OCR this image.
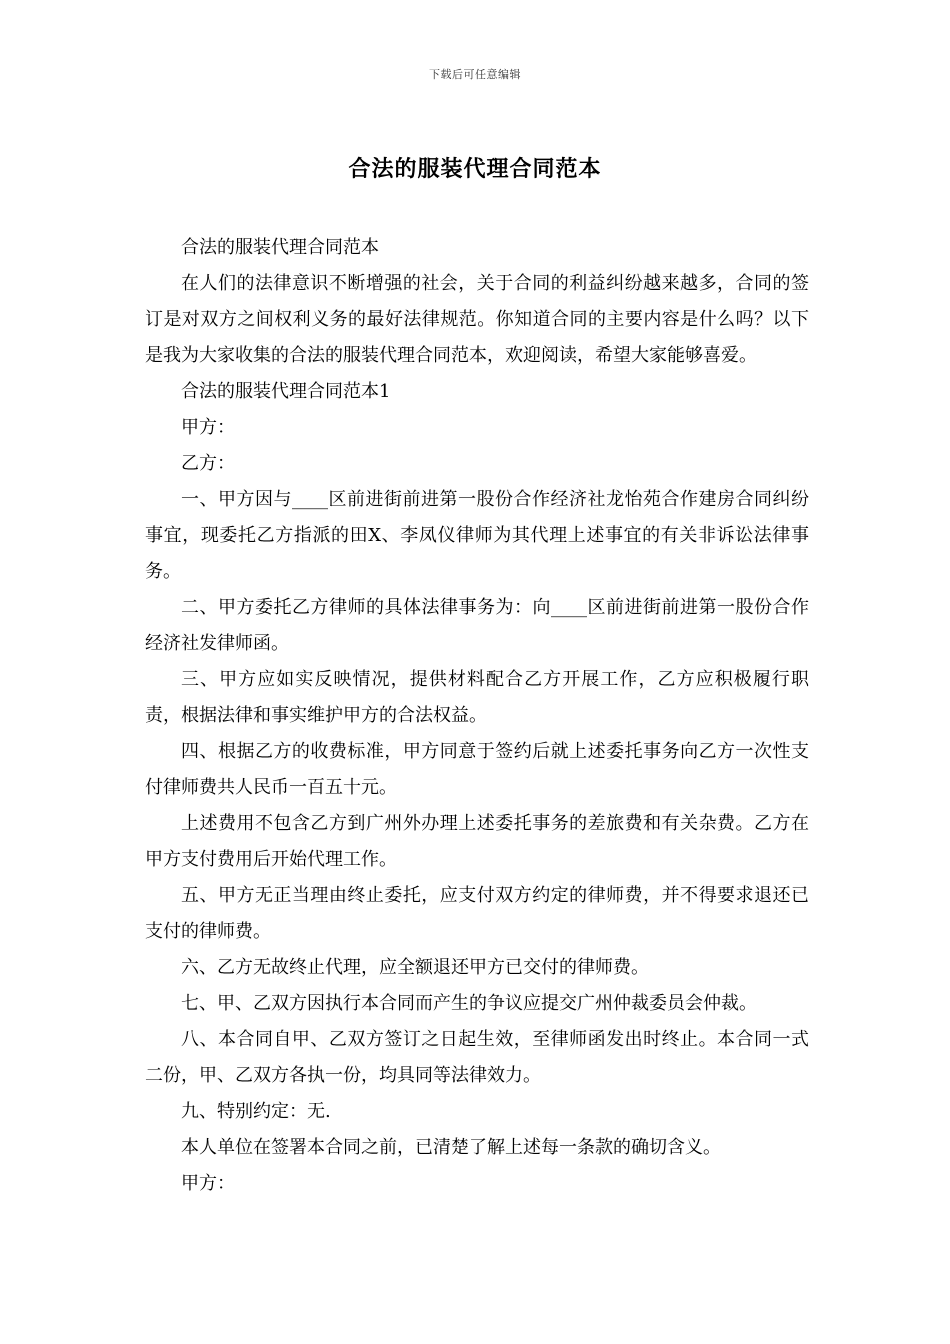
下载后可任意编辑
合法的服装代理合同范本

合法的服装代理合同范本

在人们的法律意识不断增强的社会，关于合同的利益纠纷越来越多，合同的签订是对双方之间权利义务的最好法律规范。你知道合同的主要内容是什么吗？以下是我为大家收集的合法的服装代理合同范本，欢迎阅读，希望大家能够喜爱。

合法的服装代理合同范本1

甲方：

乙方：

一、甲方因与____区前进街前进第一股份合作经济社龙怡苑合作建房合同纠纷事宜，现委托乙方指派的田X、李凤仪律师为其代理上述事宜的有关非诉讼法律事务。

二、甲方委托乙方律师的具体法律事务为：向____区前进街前进第一股份合作经济社发律师函。

三、甲方应如实反映情况，提供材料配合乙方开展工作，乙方应积极履行职责，根据法律和事实维护甲方的合法权益。

四、根据乙方的收费标准，甲方同意于签约后就上述委托事务向乙方一次性支付律师费共人民币一百五十元。

上述费用不包含乙方到广州外办理上述委托事务的差旅费和有关杂费。乙方在甲方支付费用后开始代理工作。

五、甲方无正当理由终止委托，应支付双方约定的律师费，并不得要求退还已支付的律师费。

六、乙方无故终止代理，应全额退还甲方已交付的律师费。

七、甲、乙双方因执行本合同而产生的争议应提交广州仲裁委员会仲裁。

八、本合同自甲、乙双方签订之日起生效，至律师函发出时终止。本合同一式二份，甲、乙双方各执一份，均具同等法律效力。

九、特别约定：无.

本人单位在签署本合同之前，已清楚了解上述每一条款的确切含义。

甲方：
